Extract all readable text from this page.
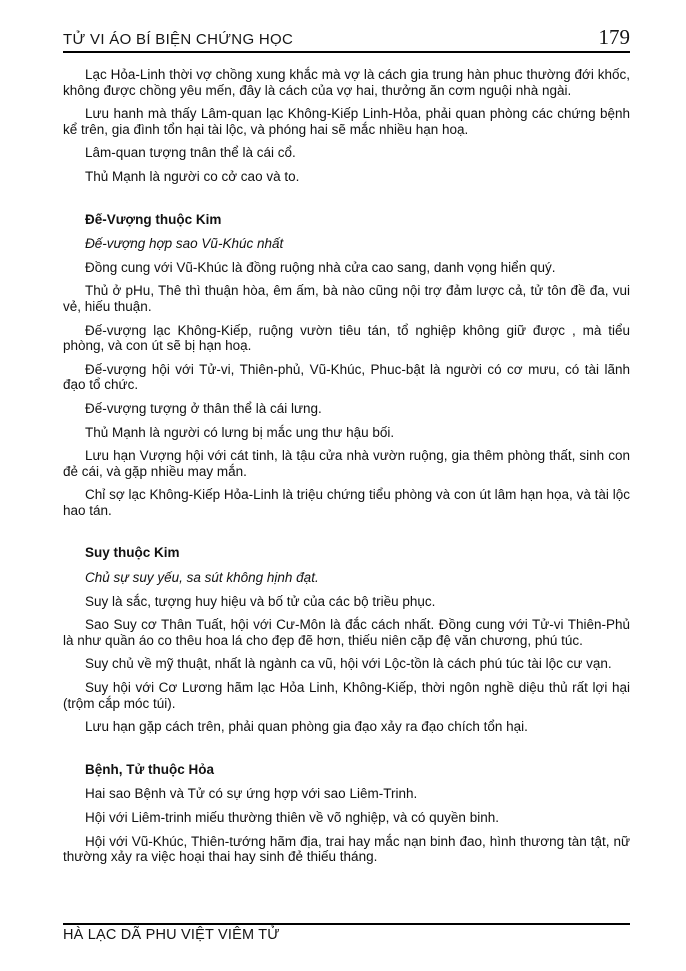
TỬ VI ÁO BÍ BIỆN CHỨNG HỌC	179

Lạc Hỏa-Linh thời vợ chồng xung khắc mà vợ là cách gia trung hàn phuc thường đới khốc, không được chồng yêu mến, đây là cách của vợ hai, thưởng ăn cơm nguội nhà ngài.

Lưu hanh mà thấy Lâm-quan lạc Không-Kiếp Linh-Hỏa, phải quan phòng các chứng bệnh kể trên, gia đình tổn hại tài lộc, và phóng hai sẽ mắc nhiều hạn hoạ.

Lâm-quan tượng tnân thể là cái cổ.

Thủ Mạnh là người co cở cao và to.

Đế-Vượng thuộc Kim

Đế-vượng hợp sao Vũ-Khúc nhất

Đồng cung với Vũ-Khúc là đồng ruộng nhà cửa cao sang, danh vọng hiển quý.

Thủ ở pHu, Thê thì thuận hòa, êm ấm, bà nào cũng nội trợ đảm lược cả, tử tôn đề đa, vui vẻ, hiếu thuận.

Đế-vượng lạc Không-Kiếp, ruộng vườn tiêu tán, tổ nghiệp không giữ được , mà tiểu phòng, và con út sẽ bị hạn hoạ.

Đế-vượng hội với Tử-vi, Thiên-phủ, Vũ-Khúc, Phuc-bật là người có cơ mưu, có tài lãnh đạo tổ chức.

Đế-vượng tượng ở thân thể là cái lưng.

Thủ Mạnh là người có lưng bị mắc ung thư hậu bối.

Lưu hạn Vượng hội với cát tinh, là tậu cửa nhà vườn ruộng, gia thêm phòng thất, sinh con đẻ cái, và gặp nhiều may mắn.

Chỉ sợ lạc Không-Kiếp Hỏa-Linh là triệu chứng tiểu phòng và con út lâm hạn họa, và tài lộc hao tán.

Suy thuộc Kim

Chủ sự suy yếu, sa sút không hịnh đạt.

Suy là sắc, tượng huy hiệu và bố tử của các bộ triều phục.

Sao Suy cơ Thân Tuất, hội với Cư-Môn là đắc cách nhất. Đồng cung với Tử-vi Thiên-Phủ là như quần áo co thêu hoa lá cho đẹp đẽ hơn, thiếu niên cặp đệ văn chương, phú túc.

Suy chủ về mỹ thuật, nhất là ngành ca vũ, hội với Lộc-tồn là cách phú túc tài lộc cư vạn.

Suy hội với Cơ Lương hãm lạc Hỏa Linh, Không-Kiếp, thời ngôn nghề diệu thủ rất lợi hại (trộm cắp móc túi).

Lưu hạn gặp cách trên, phải quan phòng gia đạo xảy ra đạo chích tổn hại.

Bệnh, Tử thuộc Hỏa

Hai sao Bệnh và Tử có sự ứng hợp với sao Liêm-Trinh.

Hội với Liêm-trinh miếu thường thiên về võ nghiệp, và có quyền binh.

Hội với Vũ-Khúc, Thiên-tướng hãm địa, trai hay mắc nạn binh đao, hình thương tàn tật, nữ thường xảy ra việc hoại thai hay sinh đẻ thiếu tháng.

HÀ LẠC DÃ PHU VIỆT VIÊM TỬ
